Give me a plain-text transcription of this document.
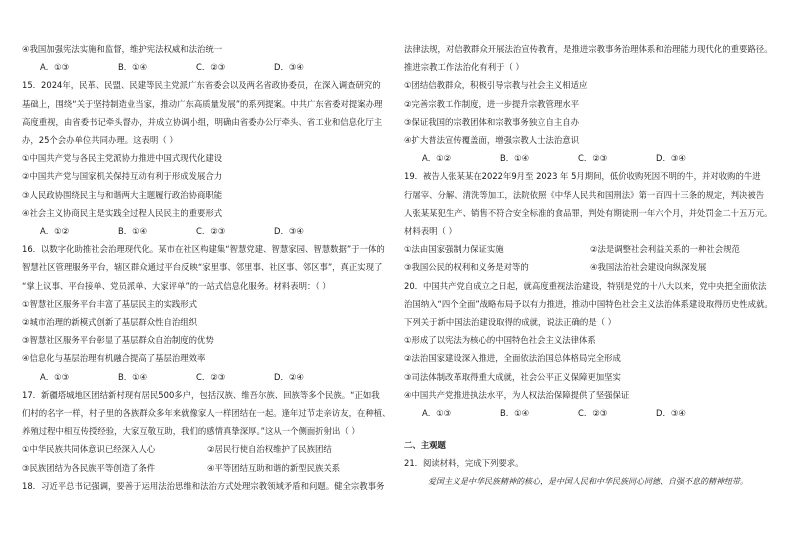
④我国加强宪法实施和监督，维护宪法权威和法治统一
A．①③	B．①④	C．②③	D．③④
15．2024年，民革、民盟、民建等民主党派广东省委会以及两名省政协委员，在深入调查研究的
基础上，围绕“关于坚持制造业当家，推动广东高质量发展”的系列提案。中共广东省委对提案办理
高度重视，由省委书记牵头督办，并成立协调小组，明确由省委办公厅牵头、省工业和信息化厅主
办，25个会办单位共同办理。这表明（ ）
①中国共产党与各民主党派协力推进中国式现代化建设
②中国共产党与国家机关保持互动有利于形成发展合力
③人民政协围绕民主与和谐两大主题履行政治协商职能
④社会主义协商民主是实践全过程人民民主的重要形式
A．①②	B．①④	C．②③	D．③④
16．以数字化助推社会治理现代化。某市在社区构建集“智慧党建、智慧家园、智慧数据”于一体的
智慧社区管理服务平台，辖区群众通过平台反映“家里事、邻里事、社区事、邻区事”，真正实现了
“掌上议事、平台接单、党员派单、大家评单”的一站式信息化服务。材料表明：（ ）
①智慧社区服务平台丰富了基层民主的实践形式
②城市治理的新模式创新了基层群众性自治组织
③智慧社区服务平台彰显了基层群众自治制度的优势
④信息化与基层治理有机融合提高了基层治理效率
A．①③	B．①④	C．②③	D．②④
17．新疆塔城地区团结新村现有居民500多户，包括汉族、维吾尔族、回族等多个民族。“正如我
们村的名字一样，村子里的各族群众多年来就像家人一样团结在一起。逢年过节走亲访友，在种植、
养殖过程中相互传授经验，大家互敬互助，我们的感情真挚深厚。”这从一个侧面折射出（ ）
①中华民族共同体意识已经深入人心	②居民行使自治权维护了民族团结
③民族团结为各民族平等创造了条件	④平等团结互助和谐的新型民族关系
18．习近平总书记强调，要善于运用法治思维和法治方式处理宗教领域矛盾和问题。健全宗教事务
法律法规，对信教群众开展法治宣传教育，是推进宗教事务治理体系和治理能力现代化的重要路径。
推进宗教工作法治化有利于（ ）
①团结信教群众，积极引导宗教与社会主义相适应
②完善宗教工作制度，进一步提升宗教管理水平
③保证我国的宗教团体和宗教事务独立自主自办
④扩大普法宣传覆盖面，增强宗教人士法治意识
A．①②	B．①④	C．②③	D．③④
19．被告人张某某在2022年9月至 2023 年 5月期间，低价收购死因不明的牛，并对收购的牛进
行屠宰、分解、清洗等加工，法院依照《中华人民共和国刑法》第一百四十三条的规定，判决被告
人张某某犯生产、销售不符合安全标准的食品罪，判处有期徒刑一年六个月，并处罚金二十五万元。
材料表明（ ）
①法由国家强制力保证实施	②法是调整社会利益关系的一种社会规范
③我国公民的权利和义务是对等的	④我国法治社会建设向纵深发展
20．中国共产党自成立之日起，就高度重视法治建设，特别是党的十八大以来，党中央把全面依法
治国纳入“四个全面”战略布局予以有力推进，推动中国特色社会主义法治体系建设取得历史性成就。
下列关于新中国法治建设取得的成就，说法正确的是（ ）
①形成了以宪法为核心的中国特色社会主义法律体系
②法治国家建设深入推进，全面依法治国总体格局完全形成
③司法体制改革取得重大成就，社会公平正义保障更加坚实
④中国共产党推进执法水平，为人权法治保障提供了坚强保证
A．①③	B．①④	C．②③	D．③④
二、主观题
21．阅读材料，完成下列要求。
爱国主义是中华民族精神的核心，是中国人民和中华民族同心同德、自强不息的精神纽带。
